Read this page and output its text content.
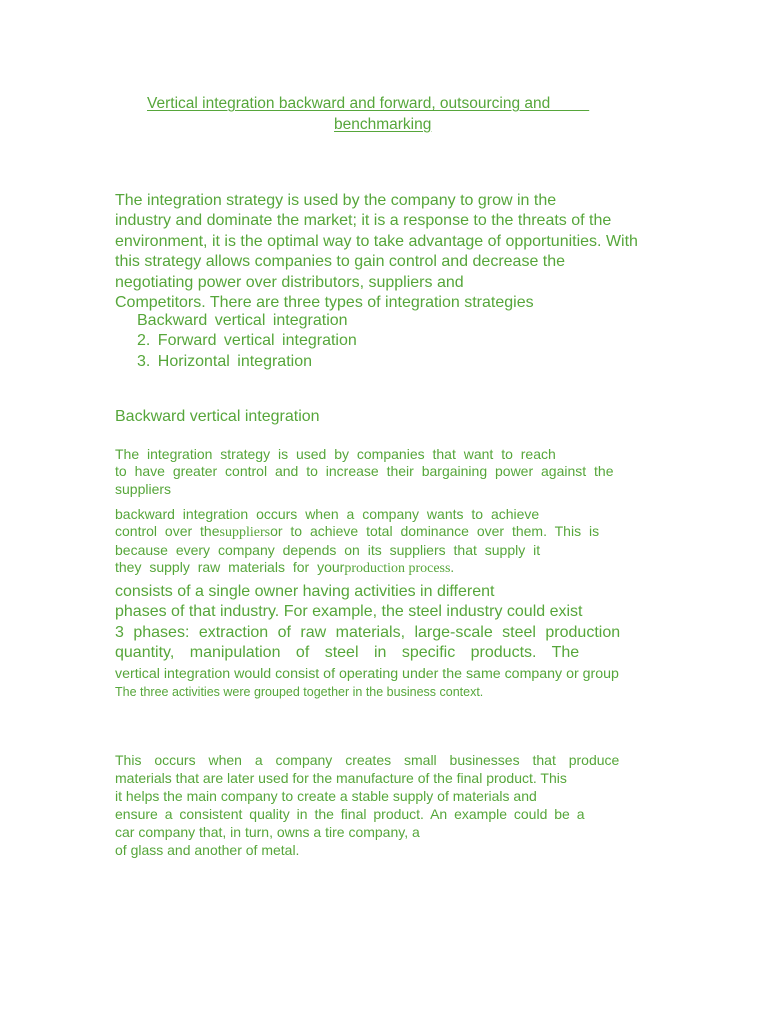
Vertical integration backward and forward, outsourcing and ____
benchmarking
The integration strategy is used by the company to grow in the
industry and dominate the market; it is a response to the threats of the
environment, it is the optimal way to take advantage of opportunities. With
this strategy allows companies to gain control and decrease the
negotiating power over distributors, suppliers and
Competitors. There are three types of integration strategies
Backward vertical integration
2. Forward vertical integration
3. Horizontal integration
Backward vertical integration
The integration strategy is used by companies that want to reach
to have greater control and to increase their bargaining power against the
suppliers
backward integration occurs when a company wants to achieve
control over thesuppliersor to achieve total dominance over them. This is
because every company depends on its suppliers that supply it
they supply raw materials for yourproduction process.
consists of a single owner having activities in different
phases of that industry. For example, the steel industry could exist
3 phases: extraction of raw materials, large-scale steel production
quantity, manipulation of steel in specific products. The
vertical integration would consist of operating under the same company or group
The three activities were grouped together in the business context.
This occurs when a company creates small businesses that produce
materials that are later used for the manufacture of the final product. This
it helps the main company to create a stable supply of materials and
ensure a consistent quality in the final product. An example could be a
car company that, in turn, owns a tire company, a
of glass and another of metal.
